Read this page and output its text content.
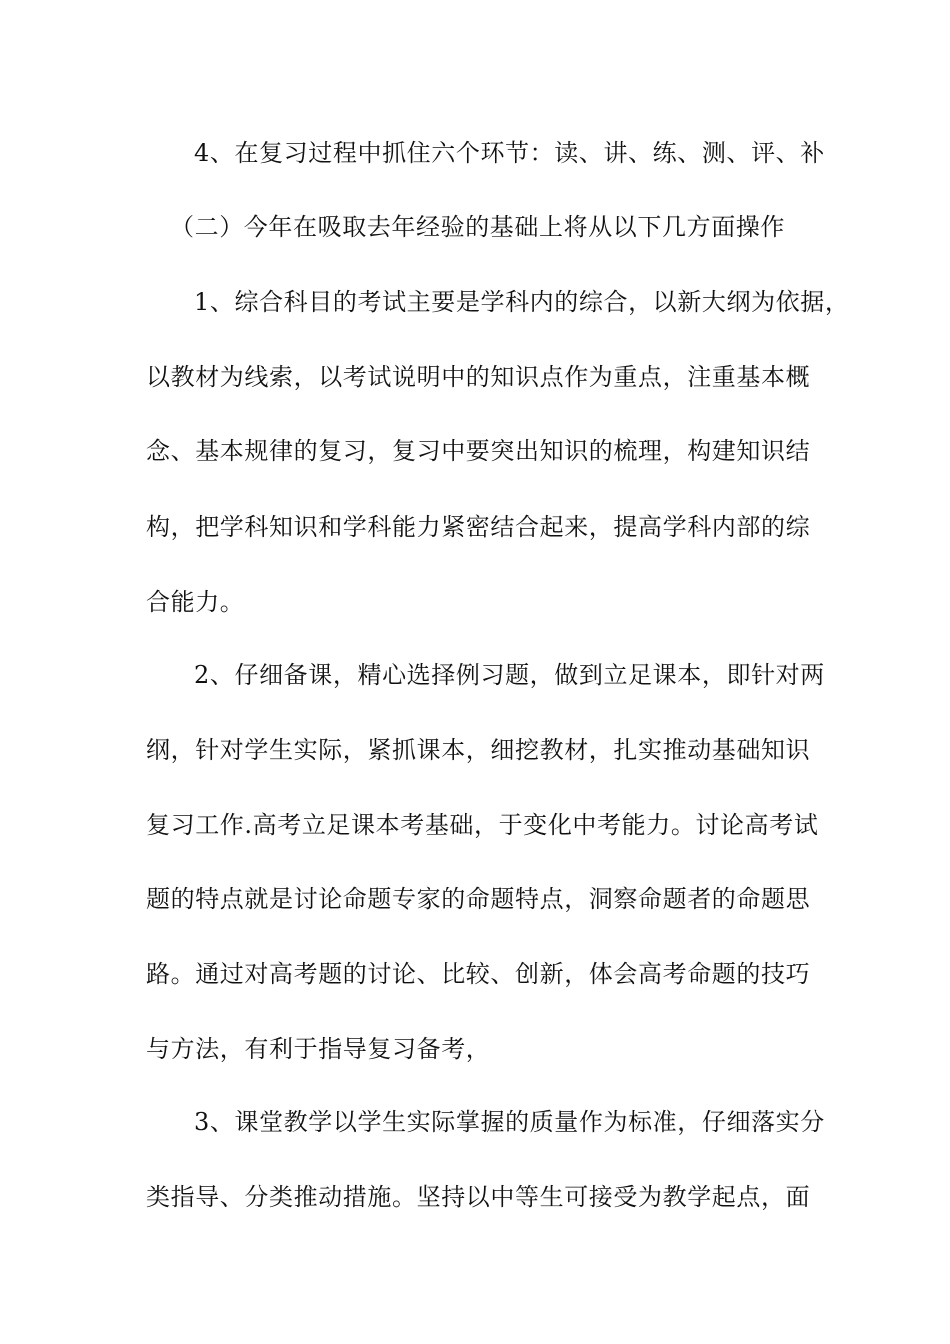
4、在复习过程中抓住六个环节：读、讲、练、测、评、补
（二）今年在吸取去年经验的基础上将从以下几方面操作
1、综合科目的考试主要是学科内的综合，以新大纲为依据，
以教材为线索，以考试说明中的知识点作为重点，注重基本概
念、基本规律的复习，复习中要突出知识的梳理，构建知识结
构，把学科知识和学科能力紧密结合起来，提高学科内部的综
合能力。
2、仔细备课，精心选择例习题，做到立足课本，即针对两
纲，针对学生实际，紧抓课本，细挖教材，扎实推动基础知识
复习工作.高考立足课本考基础，于变化中考能力。讨论高考试
题的特点就是讨论命题专家的命题特点，洞察命题者的命题思
路。通过对高考题的讨论、比较、创新，体会高考命题的技巧
与方法，有利于指导复习备考，
3、课堂教学以学生实际掌握的质量作为标准，仔细落实分
类指导、分类推动措施。坚持以中等生可接受为教学起点，面
